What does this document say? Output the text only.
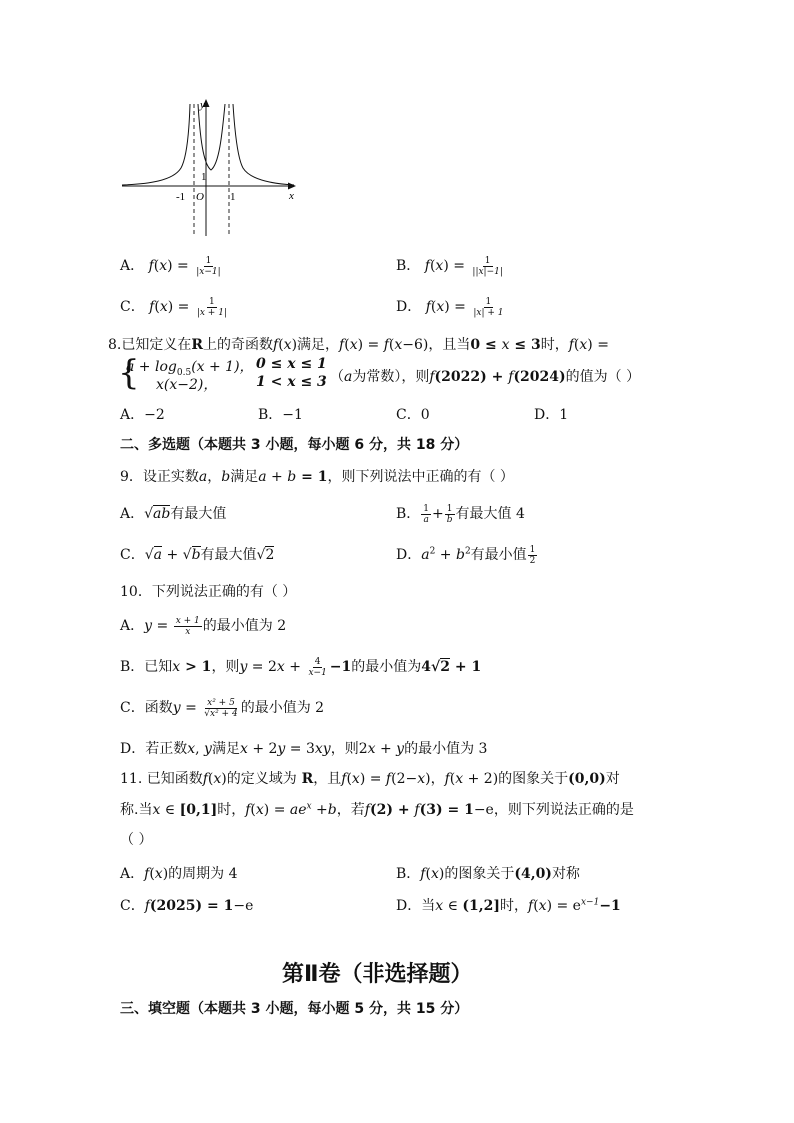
y
x
O
-1	1
1
A． $f(x) = \frac{1}{|x-1|}$	B． $f(x) = \frac{1}{||x|-1|}$
C． $f(x) = \frac{1}{|x + 1|}$	D． $f(x) = \frac{1}{|x| + 1}$
8.已知定义在R上的奇函数f(x)满足，f(x) = f(x−6)，且当0 ≤ x ≤ 3时，f(x) =
{
$a + \log_{0.5}(x + 1)$， 0 ≤ x ≤ 1
x(x−2)，	1 < x ≤ 3 （a为常数），则f(2022) + f(2024)的值为（ ）
A．−2	B．−1	C．0	D．1
二、多选题（本题共 3 小题，每小题 6 分，共 18 分）
9．设正实数a，b满足a + b = 1，则下列说法中正确的有（ ）
A．√ab有最大值	B． $\frac{1}{a} + \frac{1}{b}$ 有最大值 4
C．√a + √b有最大值√2	D．$a^2 + b^2$有最小值 $\frac{1}{2}$
10．下列说法正确的有（ ）
A．$y = \frac{x + 1}{x}$ 的最小值为 2
B．已知x > 1，则$y = 2x + \frac{4}{x-1} -1$的最小值为4√2 + 1
C．函数$y = \frac{\text{x² + 5}}{\text{√x² + 4}}$ 的最小值为 2
D．若正数x, y满足x + 2y = 3xy，则2x + y的最小值为 3
11. 已知函数f(x)的定义域为 R，且f(x) = f(2−x)，f(x + 2)的图象关于(0,0)对
称.当x ∈ [0,1]时，$f(x) = ae^x +b$，若f(2) + f(3) = 1−e，则下列说法正确的是
（ ）
A．f(x)的周期为 4	B．f(x)的图象关于(4,0)对称
C．f(2025) = 1−e	D．当x ∈ (1,2]时，$f(x) = e^{x-1}-1$
第Ⅱ卷（非选择题）
三、填空题（本题共 3 小题，每小题 5 分，共 15 分）
